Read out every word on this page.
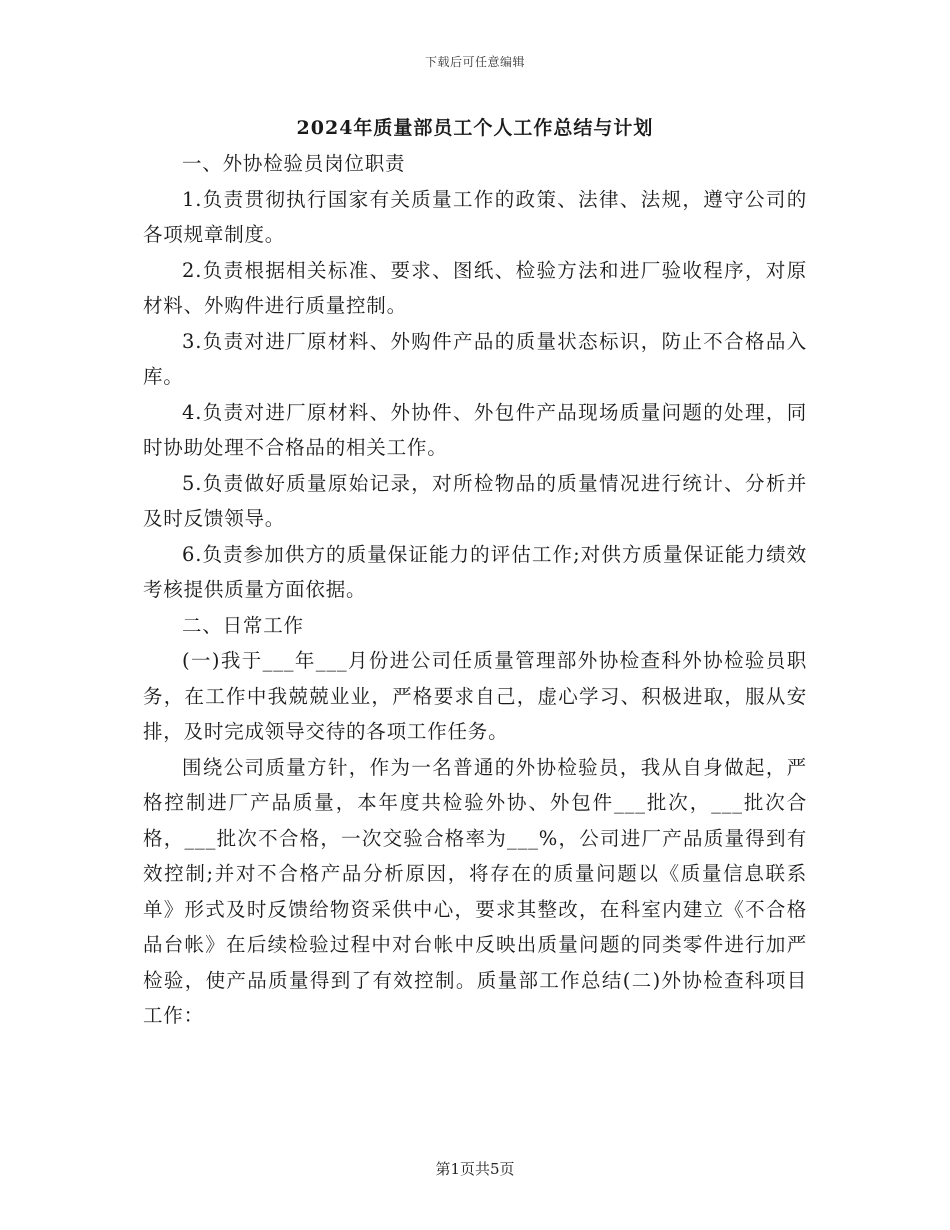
下载后可任意编辑
2024年质量部员工个人工作总结与计划

一、外协检验员岗位职责

1.负责贯彻执行国家有关质量工作的政策、法律、法规，遵守公司的各项规章制度。

2.负责根据相关标准、要求、图纸、检验方法和进厂验收程序，对原材料、外购件进行质量控制。

3.负责对进厂原材料、外购件产品的质量状态标识，防止不合格品入库。

4.负责对进厂原材料、外协件、外包件产品现场质量问题的处理，同时协助处理不合格品的相关工作。

5.负责做好质量原始记录，对所检物品的质量情况进行统计、分析并及时反馈领导。

6.负责参加供方的质量保证能力的评估工作;对供方质量保证能力绩效考核提供质量方面依据。

二、日常工作

(一)我于___年___月份进公司任质量管理部外协检查科外协检验员职务，在工作中我兢兢业业，严格要求自己，虚心学习、积极进取，服从安排，及时完成领导交待的各项工作任务。

围绕公司质量方针，作为一名普通的外协检验员，我从自身做起，严格控制进厂产品质量，本年度共检验外协、外包件___批次，___批次合格，___批次不合格，一次交验合格率为___%，公司进厂产品质量得到有效控制;并对不合格产品分析原因，将存在的质量问题以《质量信息联系单》形式及时反馈给物资采供中心，要求其整改，在科室内建立《不合格品台帐》在后续检验过程中对台帐中反映出质量问题的同类零件进行加严检验，使产品质量得到了有效控制。质量部工作总结(二)外协检查科项目工作：

第1页共5页
